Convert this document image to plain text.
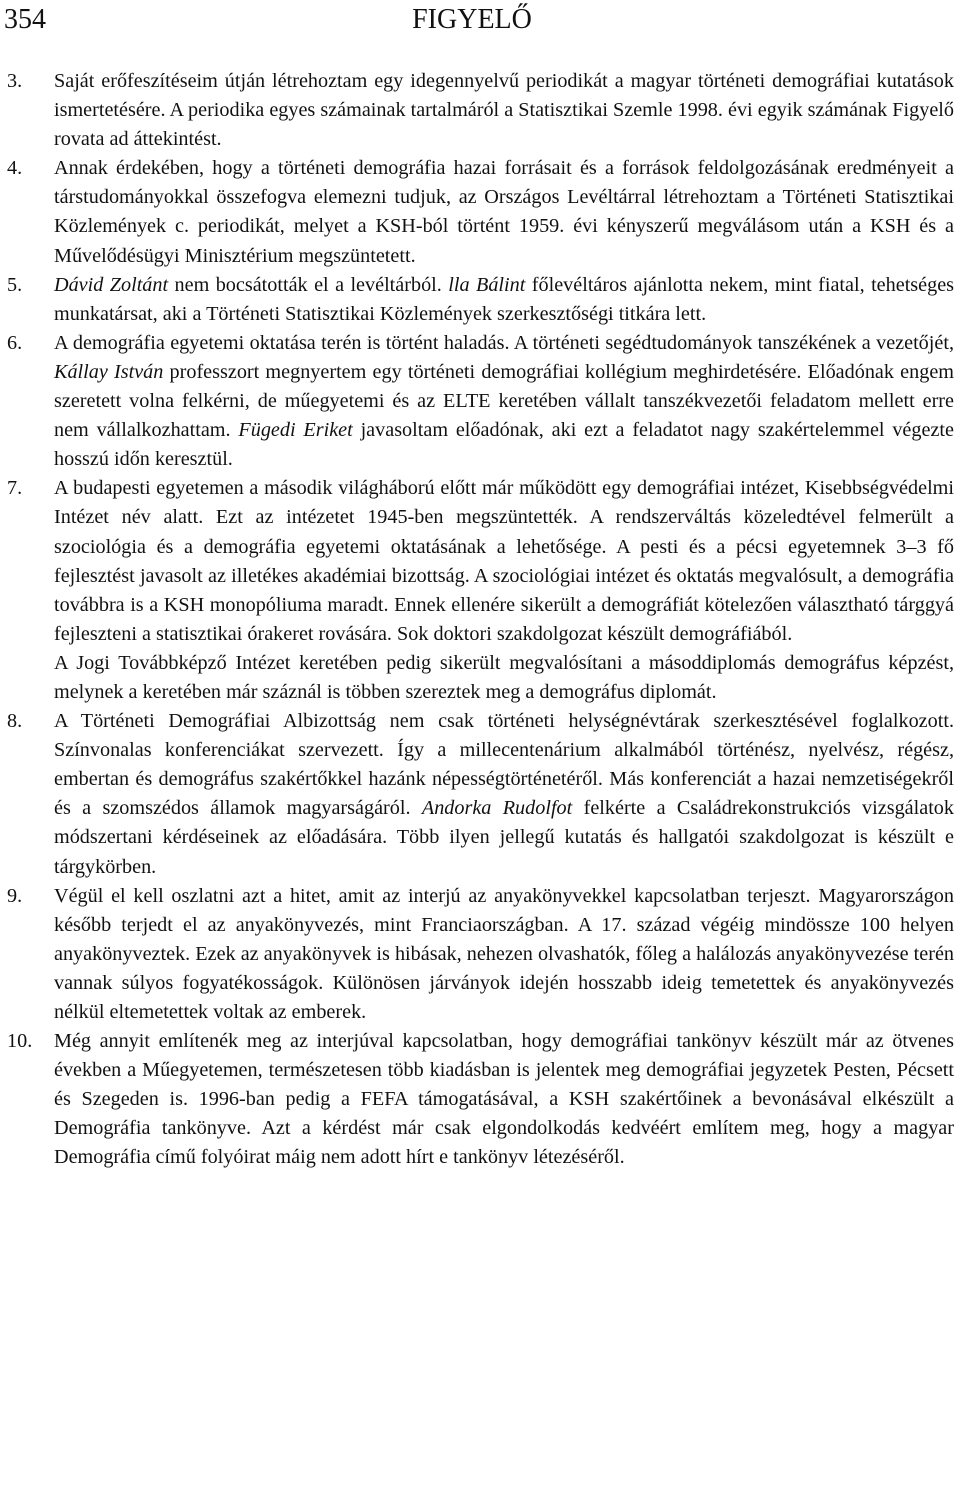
354	FIGYELŐ
3. Saját erőfeszítéseim útján létrehoztam egy idegennyelvű periodikát a magyar történeti demográfiai kutatások ismertetésére. A periodika egyes számainak tartalmáról a Statisztikai Szemle 1998. évi egyik számának Figyelő rovata ad áttekintést.
4. Annak érdekében, hogy a történeti demográfia hazai forrásait és a források feldolgozásának eredményeit a társtudományokkal összefogva elemezni tudjuk, az Országos Levéltárral létrehoztam a Történeti Statisztikai Közlemények c. periodikát, melyet a KSH-ból történt 1959. évi kényszerű megválásom után a KSH és a Művelődésügyi Minisztérium megszüntetett.
5. Dávid Zoltánt nem bocsátották el a levéltárból. lla Bálint főlevéltáros ajánlotta nekem, mint fiatal, tehetséges munkatársat, aki a Történeti Statisztikai Közlemények szerkesztőségi titkára lett.
6. A demográfia egyetemi oktatása terén is történt haladás. A történeti segédtudományok tanszékének a vezetőjét, Kállay István professzort megnyertem egy történeti demográfiai kollégium meghirdetésére. Előadónak engem szeretett volna felkérni, de műegyetemi és az ELTE keretében vállalt tanszékvezetői feladatom mellett erre nem vállalkozhattam. Fügedi Eriket javasoltam előadónak, aki ezt a feladatot nagy szakértelemmel végezte hosszú időn keresztül.
7. A budapesti egyetemen a második világháború előtt már működött egy demográfiai intézet, Kisebbségvédelmi Intézet név alatt. Ezt az intézetet 1945-ben megszüntették. A rendszerváltás közeledtével felmerült a szociológia és a demográfia egyetemi oktatásának a lehetősége. A pesti és a pécsi egyetemnek 3–3 fő fejlesztést javasolt az illetékes akadémiai bizottság. A szociológiai intézet és oktatás megvalósult, a demográfia továbbra is a KSH monopóliuma maradt. Ennek ellenére sikerült a demográfiát kötelezően választható tárggyá fejleszteni a statisztikai órakeret rovására. Sok doktori szakdolgozat készült demográfiából.
A Jogi Továbbképző Intézet keretében pedig sikerült megvalósítani a másoddiplomás demográfus képzést, melynek a keretében már száznál is többen szereztek meg a demográfus diplomát.
8. A Történeti Demográfiai Albizottság nem csak történeti helységnévtárak szerkesztésével foglalkozott. Színvonalas konferenciákat szervezett. Így a millecentenárium alkalmából történész, nyelvész, régész, embertan és demográfus szakértőkkel hazánk népességtörténetéről. Más konferenciát a hazai nemzetiségekről és a szomszédos államok magyarságáról. Andorka Rudolfot felkérte a Családrekonstrukciós vizsgálatok módszertani kérdéseinek az előadására. Több ilyen jellegű kutatás és hallgatói szakdolgozat is készült e tárgykörben.
9. Végül el kell oszlatni azt a hitet, amit az interjú az anyakönyvekkel kapcsolatban terjeszt. Magyarországon később terjedt el az anyakönyvezés, mint Franciaországban. A 17. század végéig mindössze 100 helyen anyakönyveztek. Ezek az anyakönyvek is hibásak, nehezen olvashatók, főleg a halálozás anyakönyvezése terén vannak súlyos fogyatékosságok. Különösen járványok idején hosszabb ideig temetettek és anyakönyvezés nélkül eltemetettek voltak az emberek.
10. Még annyit említenék meg az interjúval kapcsolatban, hogy demográfiai tankönyv készült már az ötvenes években a Műegyetemen, természetesen több kiadásban is jelentek meg demográfiai jegyzetek Pesten, Pécsett és Szegeden is. 1996-ban pedig a FEFA támogatásával, a KSH szakértőinek a bevonásával elkészült a Demográfia tankönyve. Azt a kérdést már csak elgondolkodás kedvéért említem meg, hogy a magyar Demográfia című folyóirat máig nem adott hírt e tankönyv létezéséről.
